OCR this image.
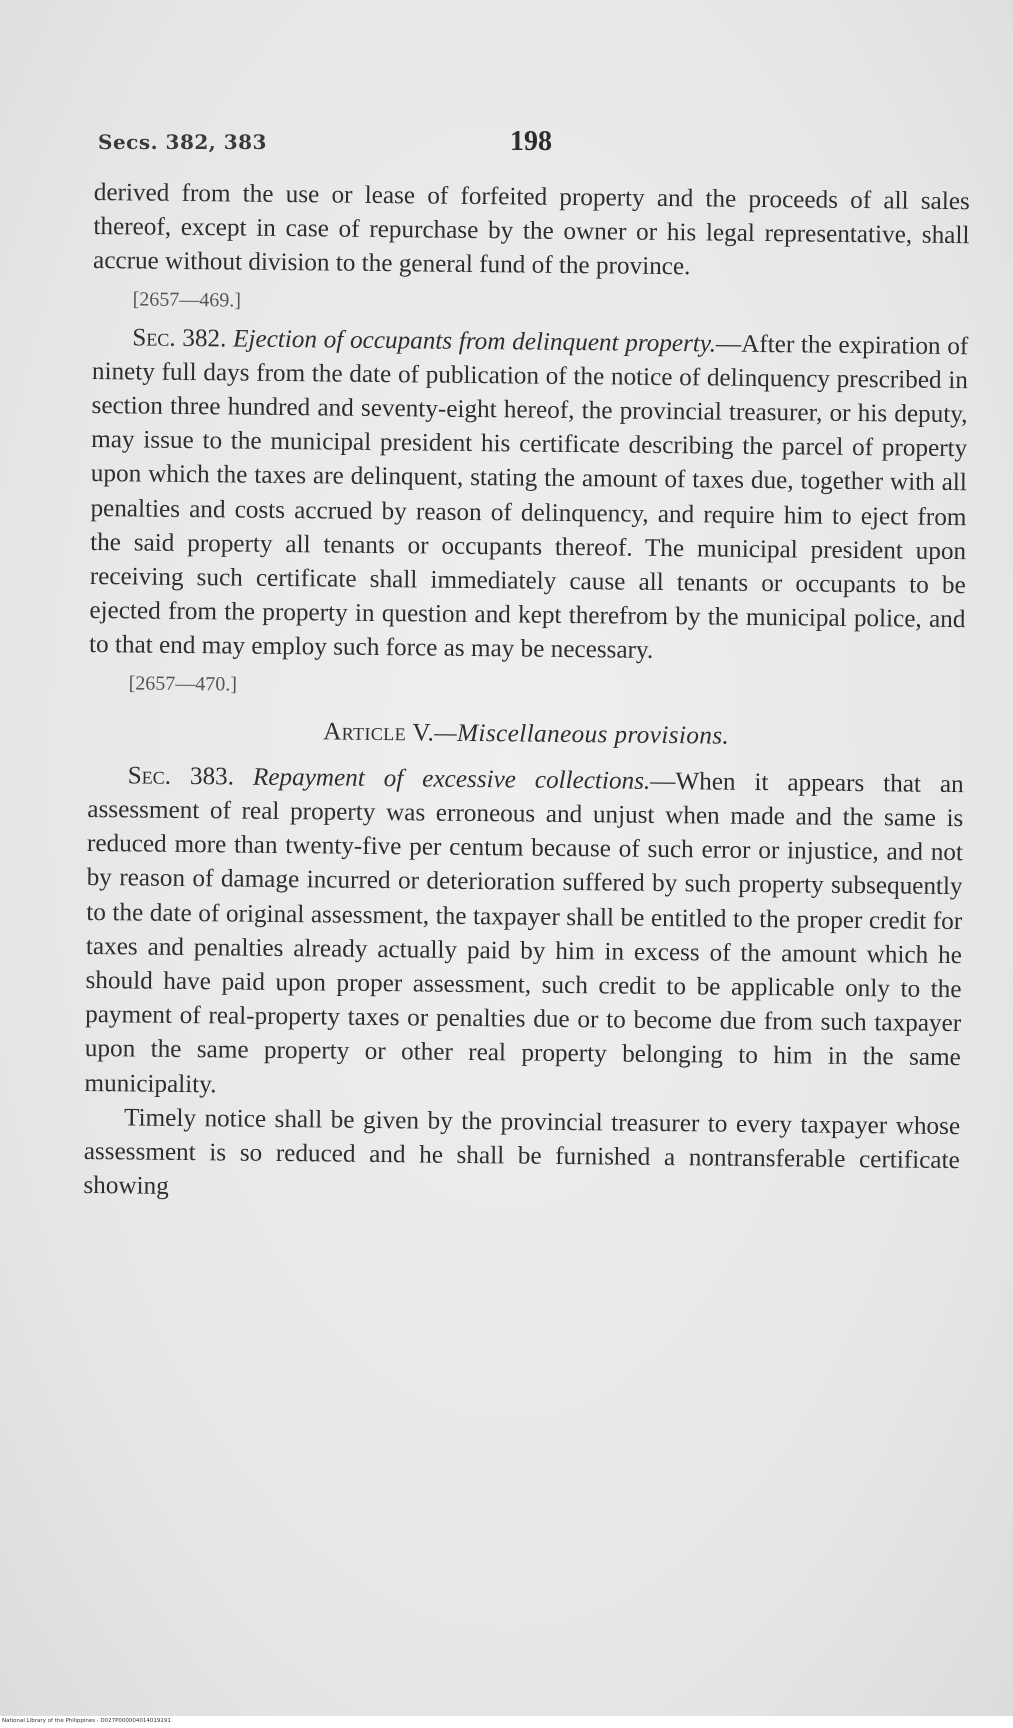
Secs. 382, 383	198

derived from the use or lease of forfeited property and the proceeds of all sales thereof, except in case of repurchase by the owner or his legal representative, shall accrue without division to the general fund of the province.

[2657—469.]

Sec. 382. Ejection of occupants from delinquent property.—After the expiration of ninety full days from the date of publication of the notice of delinquency prescribed in section three hundred and seventy-eight hereof, the provincial treasurer, or his deputy, may issue to the municipal president his certificate describing the parcel of property upon which the taxes are delinquent, stating the amount of taxes due, together with all penalties and costs accrued by reason of delinquency, and require him to eject from the said property all tenants or occupants thereof. The municipal president upon receiving such certificate shall immediately cause all tenants or occupants to be ejected from the property in question and kept therefrom by the municipal police, and to that end may employ such force as may be necessary.

[2657—470.]

Article V.—Miscellaneous provisions.

Sec. 383. Repayment of excessive collections.—When it appears that an assessment of real property was erroneous and unjust when made and the same is reduced more than twenty-five per centum because of such error or injustice, and not by reason of damage incurred or deterioration suffered by such property subsequently to the date of original assessment, the taxpayer shall be entitled to the proper credit for taxes and penalties already actually paid by him in excess of the amount which he should have paid upon proper assessment, such credit to be applicable only to the payment of real-property taxes or penalties due or to become due from such taxpayer upon the same property or other real property belonging to him in the same municipality.

Timely notice shall be given by the provincial treasurer to every taxpayer whose assessment is so reduced and he shall be furnished a nontransferable certificate showing

National Library of the Philippines · D027P000004014019191
